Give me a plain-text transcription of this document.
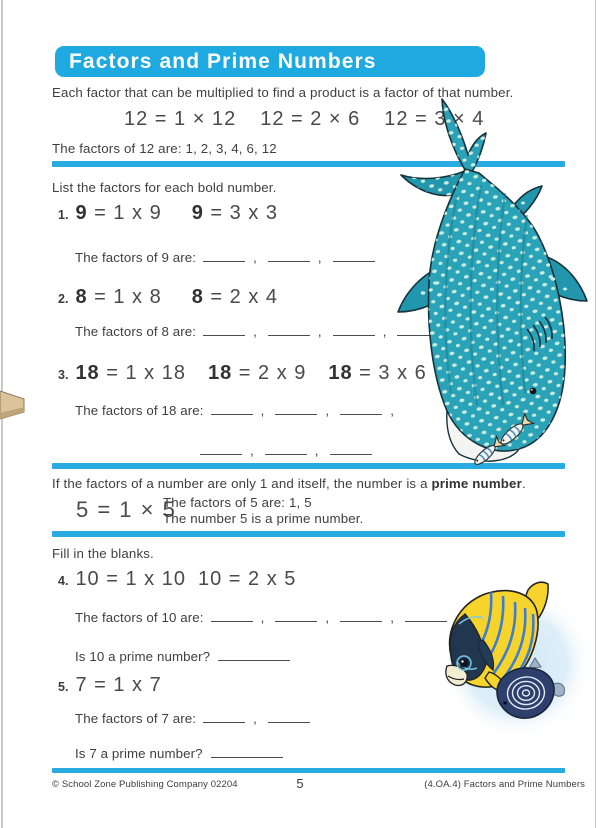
Factors and Prime Numbers
Each factor that can be multiplied to find a product is a factor of that number.
12 = 1 × 12 12 = 2 × 6 12 = 3 × 4
The factors of 12 are: 1, 2, 3, 4, 6, 12
List the factors for each bold number.
1. 9 = 1 x 9 9 = 3 x 3
The factors of 9 are:	,	,
2. 8 = 1 x 8 8 = 2 x 4
The factors of 8 are:	,	,	,
3. 18 = 1 x 18 18 = 2 x 9 18 = 3 x 6
The factors of 18 are:	,	,	,
,	,
If the factors of a number are only 1 and itself, the number is a prime number.
5 = 1 × 5
The factors of 5 are: 1, 5
The number 5 is a prime number.
Fill in the blanks.
4. 10 = 1 x 10 10 = 2 x 5
The factors of 10 are:	,	,	,
Is 10 a prime number?
5. 7 = 1 x 7
The factors of 7 are:	,
Is 7 a prime number?
© School Zone Publishing Company 02204	5	(4.OA.4) Factors and Prime Numbers
